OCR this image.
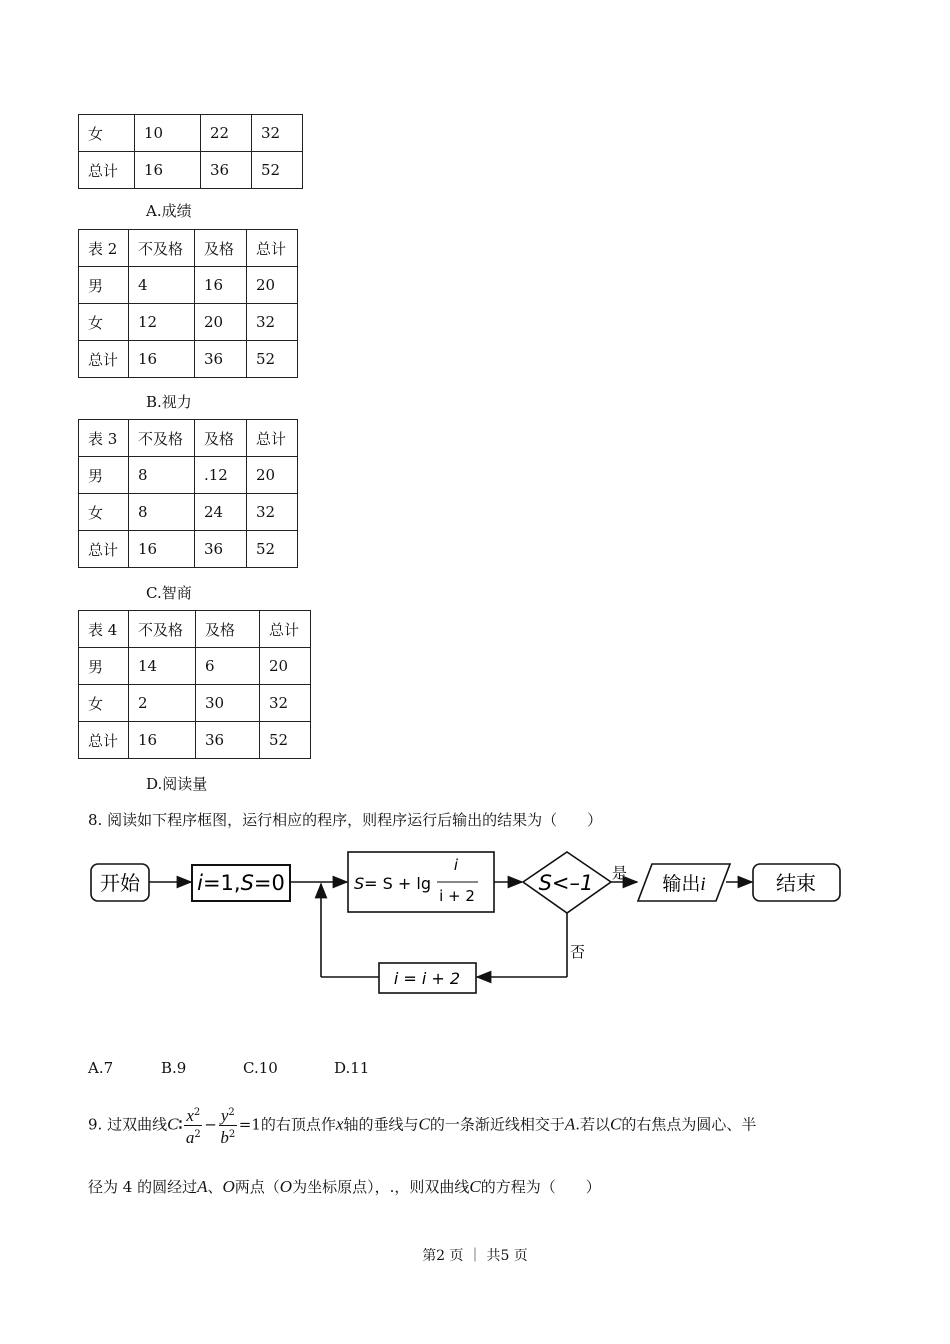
女	10	22	32
总计	16	36	52
A.成绩
表 2	不及格	及格	总计
男	4	16	20
女	12	20	32
总计	16	36	52
B.视力
表 3	不及格	及格	总计
男	8	.12	20
女	8	24	32
总计	16	36	52
C.智商
表 4	不及格	及格	总计
男	14	6	20
女	2	30	32
总计	16	36	52
D.阅读量
8. 阅读如下程序框图，运行相应的程序，则程序运行后输出的结果为（　　）
开始	i=1,S=0	S= S + lg
i
i + 2
S<–1 是 输出i	结束
否
i = i + 2
A.7	B.9	C.10	D.11
9. 过双曲线C∶ $\frac{x^2}{a^2} - \frac{y^2}{b^2} =1$的右顶点作x轴的垂线与C的一条渐近线相交于A.若以C的右焦点为圆心、半
径为 4 的圆经过A、O两点（O为坐标原点），.，则双曲线C的方程为（　　）
第2 页 ｜ 共5 页
